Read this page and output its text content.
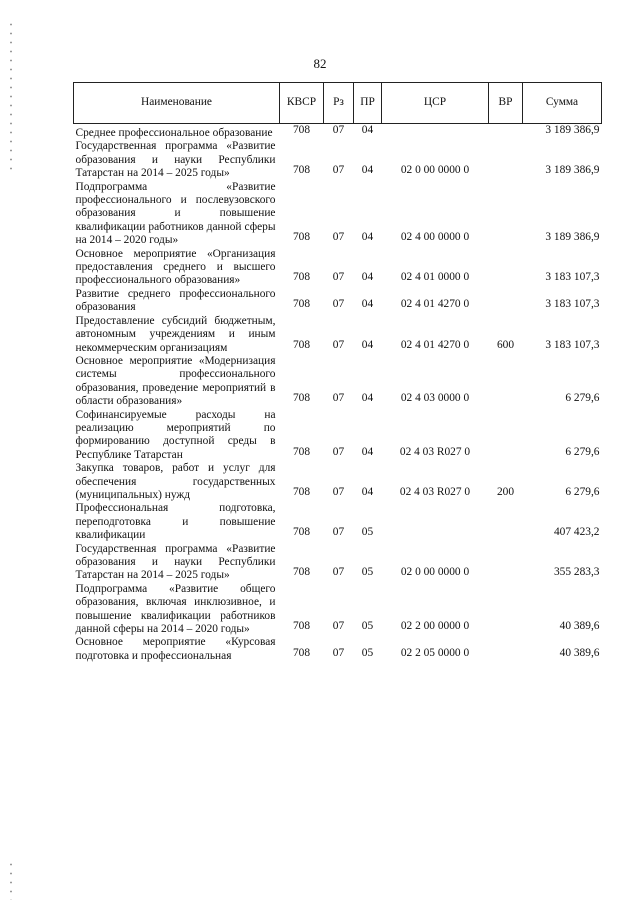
82
Наименование	КВСР	Рз	ПР	ЦСР	ВР	Сумма
Среднее профессиональное образование	708	07	04			3 189 386,9
Государственная программа «Развитие образования и науки Республики Татарстан на 2014 – 2025 годы»	708	07	04	02 0 00 0000 0		3 189 386,9
Подпрограмма «Развитие профессионального и послевузовского образования и повышение квалификации работников данной сферы на 2014 – 2020 годы»	708	07	04	02 4 00 0000 0		3 189 386,9
Основное мероприятие «Организация предоставления среднего и высшего профессионального образования»	708	07	04	02 4 01 0000 0		3 183 107,3
Развитие среднего профессионального образования	708	07	04	02 4 01 4270 0		3 183 107,3
Предоставление субсидий бюджетным, автономным учреждениям и иным некоммерческим организациям	708	07	04	02 4 01 4270 0	600	3 183 107,3
Основное мероприятие «Модернизация системы профессионального образования, проведение мероприятий в области образования»	708	07	04	02 4 03 0000 0		6 279,6
Софинансируемые расходы на реализацию мероприятий по формированию доступной среды в Республике Татарстан	708	07	04	02 4 03 R027 0		6 279,6
Закупка товаров, работ и услуг для обеспечения государственных (муниципальных) нужд	708	07	04	02 4 03 R027 0	200	6 279,6
Профессиональная подготовка, переподготовка и повышение квалификации	708	07	05			407 423,2
Государственная программа «Развитие образования и науки Республики Татарстан на 2014 – 2025 годы»	708	07	05	02 0 00 0000 0		355 283,3
Подпрограмма «Развитие общего образования, включая инклюзивное, и повышение квалификации работников данной сферы на 2014 – 2020 годы»	708	07	05	02 2 00 0000 0		40 389,6
Основное мероприятие «Курсовая подготовка и профессиональная	708	07	05	02 2 05 0000 0		40 389,6
